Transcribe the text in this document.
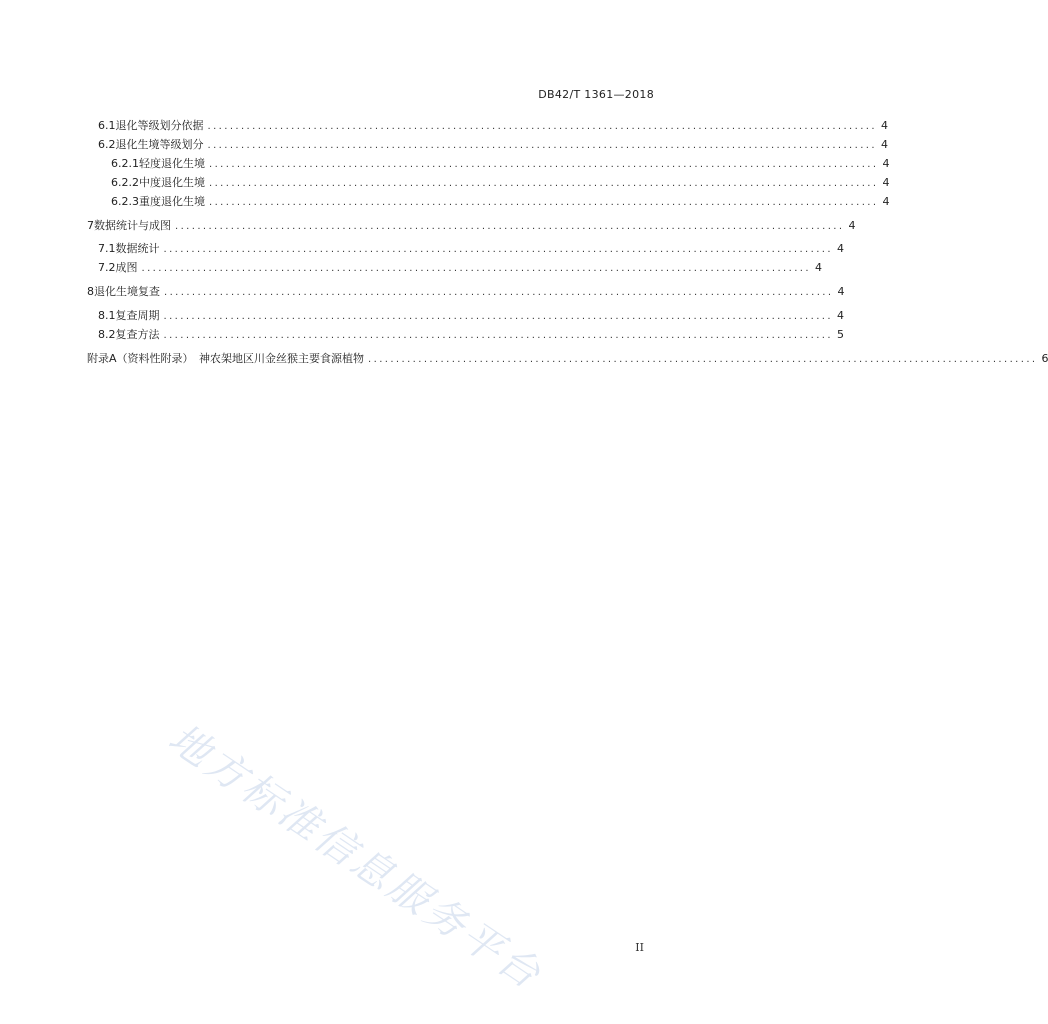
DB42/T 1361—2018
6.1 退化等级划分依据 ........................................................................................................................ 4
6.2 退化生境等级划分 ........................................................................................................................ 4
6.2.1 轻度退化生境 ........................................................................................................................ 4
6.2.2 中度退化生境 ........................................................................................................................ 4
6.2.3 重度退化生境 ........................................................................................................................ 4
7 数据统计与成图 ........................................................................................................................ 4
7.1 数据统计 ........................................................................................................................ 4
7.2 成图 ........................................................................................................................ 4
8 退化生境复查 ........................................................................................................................ 4
8.1 复查周期 ........................................................................................................................ 4
8.2 复查方法 ........................................................................................................................ 5
附录A （资料性附录）　神农架地区川金丝猴主要食源植物 ........................................................................................................................ 6
地方标准信息服务平台	II
